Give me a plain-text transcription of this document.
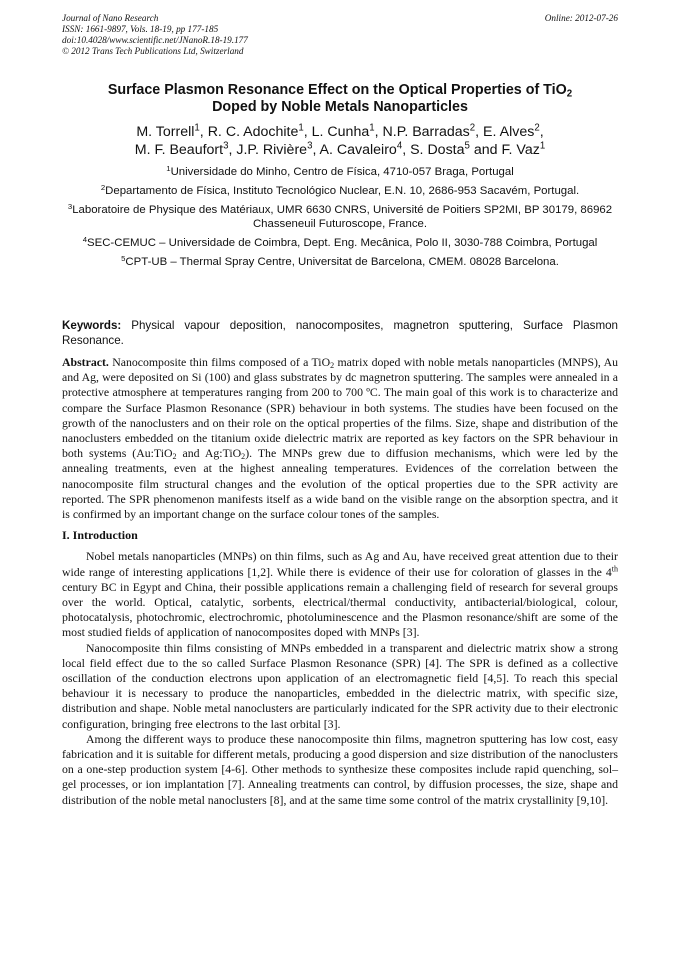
Journal of Nano Research
ISSN: 1661-9897, Vols. 18-19, pp 177-185
doi:10.4028/www.scientific.net/JNanoR.18-19.177
© 2012 Trans Tech Publications Ltd, Switzerland
Online: 2012-07-26
Surface Plasmon Resonance Effect on the Optical Properties of TiO$_2$
Doped by Noble Metals Nanoparticles
M. Torrell$^1$, R. C. Adochite$^1$, L. Cunha$^1$, N.P. Barradas$^2$, E. Alves$^2$,
M. F. Beaufort$^3$, J.P. Rivière$^3$, A. Cavaleiro$^4$, S. Dosta$^5$ and F. Vaz$^1$
$^1$Universidade do Minho, Centro de Física, 4710-057 Braga, Portugal
$^2$Departamento de Física, Instituto Tecnológico Nuclear, E.N. 10, 2686-953 Sacavém, Portugal.
$^3$Laboratoire de Physique des Matériaux, UMR 6630 CNRS, Université de Poitiers SP2MI, BP 30179, 86962 Chasseneuil Futuroscope, France.
$^4$SEC-CEMUC – Universidade de Coimbra, Dept. Eng. Mecânica, Polo II, 3030-788 Coimbra, Portugal
$^5$CPT-UB – Thermal Spray Centre, Universitat de Barcelona, CMEM. 08028 Barcelona.
Keywords: Physical vapour deposition, nanocomposites, magnetron sputtering, Surface Plasmon Resonance.

Abstract. Nanocomposite thin films composed of a TiO$_2$ matrix doped with noble metals nanoparticles (MNPS), Au and Ag, were deposited on Si (100) and glass substrates by dc magnetron sputtering. The samples were annealed in a protective atmosphere at temperatures ranging from 200 to 700 ºC. The main goal of this work is to characterize and compare the Surface Plasmon Resonance (SPR) behaviour in both systems. The studies have been focused on the growth of the nanoclusters and on their role on the optical properties of the films. Size, shape and distribution of the nanoclusters embedded on the titanium oxide dielectric matrix are reported as key factors on the SPR behaviour in both systems (Au:TiO$_2$ and Ag:TiO$_2$). The MNPs grew due to diffusion mechanisms, which were led by the annealing treatments, even at the highest annealing temperatures. Evidences of the correlation between the nanocomposite film structural changes and the evolution of the optical properties due to the SPR activity are reported. The SPR phenomenon manifests itself as a wide band on the visible range on the absorption spectra, and it is confirmed by an important change on the surface colour tones of the samples.

I. Introduction

Nobel metals nanoparticles (MNPs) on thin films, such as Ag and Au, have received great attention due to their wide range of interesting applications [1,2]. While there is evidence of their use for coloration of glasses in the 4th century BC in Egypt and China, their possible applications remain a challenging field of research for several groups over the world. Optical, catalytic, sorbents, electrical/thermal conductivity, antibacterial/biological, colour, photocatalysis, photochromic, electrochromic, photoluminescence and the Plasmon resonance/shift are some of the most studied fields of application of nanocomposites doped with MNPs [3].

Nanocomposite thin films consisting of MNPs embedded in a transparent and dielectric matrix show a strong local field effect due to the so called Surface Plasmon Resonance (SPR) [4]. The SPR is defined as a collective oscillation of the conduction electrons upon application of an electromagnetic field [4,5]. To reach this special behaviour it is necessary to produce the nanoparticles, embedded in the dielectric matrix, with specific size, distribution and shape. Noble metal nanoclusters are particularly indicated for the SPR activity due to their electronic configuration, bringing free electrons to the last orbital [3].

Among the different ways to produce these nanocomposite thin films, magnetron sputtering has low cost, easy fabrication and it is suitable for different metals, producing a good dispersion and size distribution of the nanoclusters on a one-step production system [4-6]. Other methods to synthesize these composites include rapid quenching, sol–gel processes, or ion implantation [7]. Annealing treatments can control, by diffusion processes, the size, shape and distribution of the noble metal nanoclusters [8], and at the same time some control of the matrix crystallinity [9,10].
